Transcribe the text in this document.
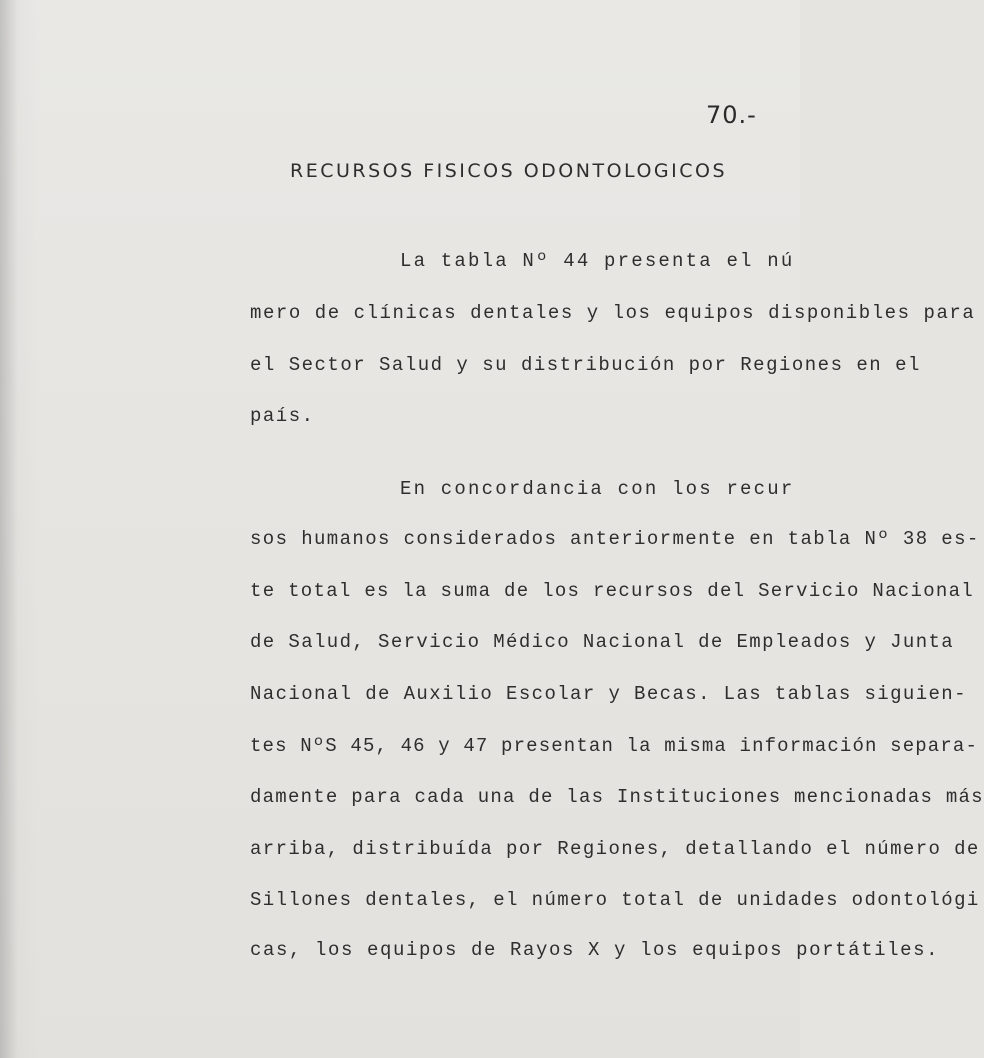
70.-
RECURSOS FISICOS ODONTOLOGICOS
La tabla Nº 44 presenta el nú
mero de clínicas dentales y los equipos disponibles para
el Sector Salud y su distribución por Regiones en el
país.
En concordancia con los recur
sos humanos considerados anteriormente en tabla Nº 38 es-
te total es la suma de los recursos del Servicio Nacional
de Salud, Servicio Médico Nacional de Empleados y Junta
Nacional de Auxilio Escolar y Becas. Las tablas siguien-
tes NºS 45, 46 y 47 presentan la misma información separa-
damente para cada una de las Instituciones mencionadas más
arriba, distribuída por Regiones, detallando el número de
Sillones dentales, el número total de unidades odontológi
cas, los equipos de Rayos X y los equipos portátiles.
